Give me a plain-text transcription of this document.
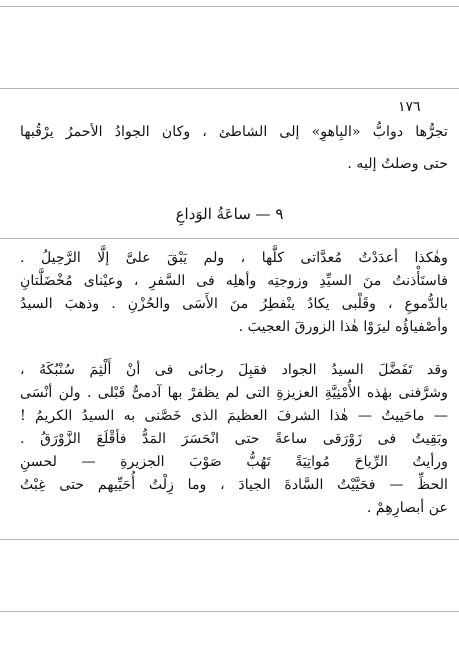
١٧٦
تجرُّها دوابُّ «البِاهوِ» إلى الشاطئ ، وكان الجوادُ الأحمرُ يرْقُبها
حتى وصلتُ إليه .
٩ — ساعَةُ الوَداعِ
وهٰكذا أعدَدْتُ مُعدَّاتى كلَّها ، ولم يَبْقَ علىَّ إلَّا الرَّحِيلُ .
فاستَأْذنتُ منَ السيِّدِ وزوجتِه وأهلِه فى السَّفرِ ، وعيْناى مُخْضَلَّتانِ
بالدُّموعِ ، وقَلْبى يكادُ ينْفطِرُ منَ الأَسَى والحُزْنِ . وذهبَ السيدُ
وأصْفياؤُه ليرَوْا هٰذا الزورقَ العجيبَ .
وقد تَفَضَّلَ السيدُ الجواد فقبِلَ رجائى فى أنْ أَلْثِمَ سُنْبُكَهُ ،
وشرَّفنى بهٰذه الأُمْنِيَّةِ العزيزةِ التى لم يظفرْ بها آدمىٌّ قَبْلى . ولن أنْسَى
— ماحَييتُ — هٰذا الشرفَ العظيمَ الذى خَصَّنى به السيدُ الكريمُ !
وبَقِيتُ فى زَوْرَقى ساعةً حتى انْحَسَرَ المَدُّ فأقْلَعَ الزَّوْرَقُ .
ورأيتُ الرِّياحَ مُواتِيَةً تَهُبُّ صَوْبَ الجزيرةِ — لحسنِ
الحظِّ — فحَيَّيْتُ السَّادةَ الجيادَ ، وما زِلْتُ أُحَيِّيهم حتى غِبْتُ
عن أبصارِهِمْ .
